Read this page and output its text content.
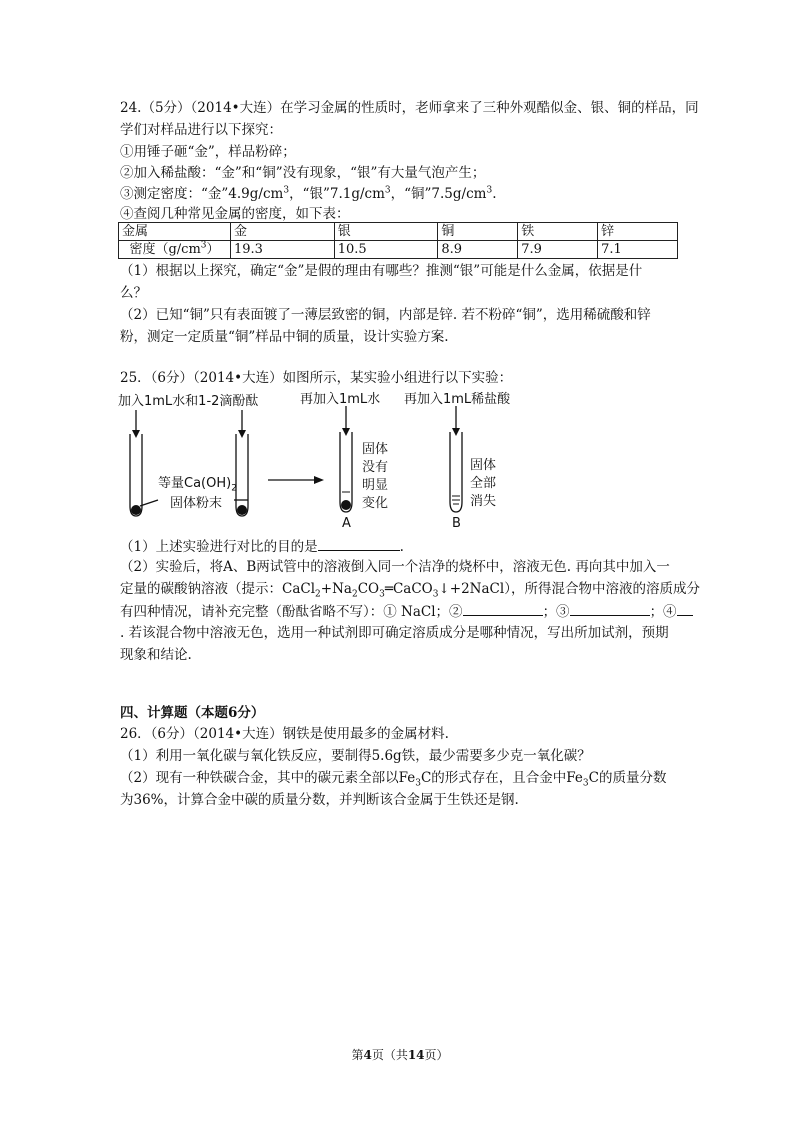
24.（5分）（2014•大连）在学习金属的性质时，老师拿来了三种外观酷似金、银、铜的样品，同
学们对样品进行以下探究：
①用锤子砸“金”，样品粉碎；
②加入稀盐酸：“金”和“铜”没有现象，“银”有大量气泡产生；
③测定密度：“金$”4.9g/cm^3$，“银$”7.1g/cm^3$，“铜$”7.5g/cm^3$.
④查阅几种常见金属的密度，如下表：
金属	金	银	铜	铁	锌
密度$(g/cm^3)$	19.3	10.5	8.9	7.9	7.1
（1）根据以上探究，确定“金”是假的理由有哪些？推测“银”可能是什么金属，依据是什
么？
（2）已知“铜”只有表面镀了一薄层致密的铜，内部是锌. 若不粉碎“铜”，选用稀硫酸和锌
粉，测定一定质量“铜”样品中铜的质量，设计实验方案.
25．（6分）（2014•大连）如图所示，某实验小组进行以下实验：
加入1mL水和1-2滴酚酞	再加入1mL水 再加入1mL稀盐酸
等量$Ca(OH)_2$
固体粉末
固体
没有
明显
变化
固体
全部
消失
A	B
（1）上述实验进行对比的目的是	.
（2）实验后，将A、B两试管中的溶液倒入同一个洁净的烧杯中，溶液无色. 再向其中加入一
定量的碳酸钠溶液（提示：$CaCl_2+Na_2CO_3═CaCO_3↓+2NaCl$），所得混合物中溶液的溶质成分
有四种情况，请补充完整（酚酞省略不写）：① NaCl；②	；③	；④
. 若该混合物中溶液无色，选用一种试剂即可确定溶质成分是哪种情况，写出所加试剂，预期
现象和结论.
四、计算题（本题6分）
26．（6分）（2014•大连）钢铁是使用最多的金属材料.
（1）利用一氧化碳与氧化铁反应，要制得5.6g铁，最少需要多少克一氧化碳？
（2）现有一种铁碳合金，其中的碳元素全部以$Fe_3C$的形式存在，且合金中$Fe_3C$的质量分数
为36%，计算合金中碳的质量分数，并判断该合金属于生铁还是钢.
第4页（共14页）
